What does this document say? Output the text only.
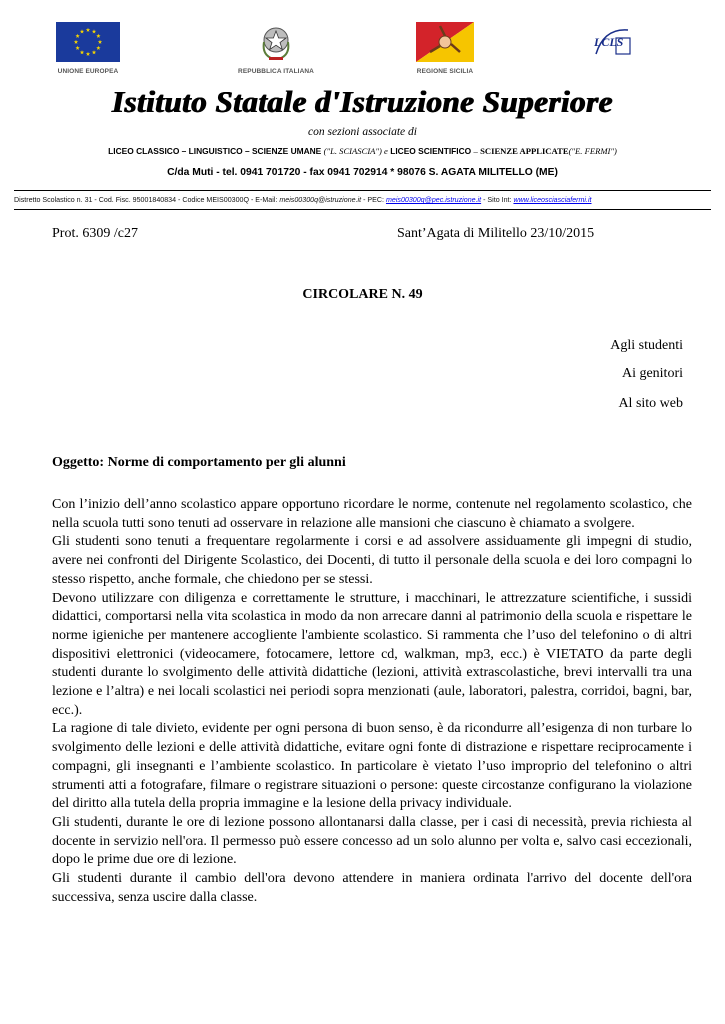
UNIONE EUROPEA	REPUBBLICA ITALIANA	REGIONE SICILIA
LCLS
Istituto Statale d'Istruzione Superiore
con sezioni associate di
LICEO CLASSICO – LINGUISTICO – SCIENZE UMANE ("L. SCIASCIA") e LICEO SCIENTIFICO – SCIENZE APPLICATE("E. FERMI")
C/da Muti - tel. 0941 701720 - fax 0941 702914 * 98076 S. AGATA MILITELLO (ME)
Distretto Scolastico n. 31 - Cod. Fisc. 95001840834 - Codice MEIS00300Q - E-Mail: meis00300q@istruzione.it - PEC: meis00300q@pec.istruzione.it - Sito Int: www.liceosciasciafermi.it
Prot. 6309 /c27	Sant’Agata di Militello 23/10/2015
CIRCOLARE N. 49
Agli studenti
Ai genitori
Al sito web
Oggetto: Norme di comportamento per gli alunni

Con l’inizio dell’anno scolastico appare opportuno ricordare le norme, contenute nel regolamento scolastico, che nella scuola tutti sono tenuti ad osservare in relazione alle mansioni che ciascuno è chiamato a svolgere.

Gli studenti sono tenuti a frequentare regolarmente i corsi e ad assolvere assiduamente gli impegni di studio, avere nei confronti del Dirigente Scolastico, dei Docenti, di tutto il personale della scuola e dei loro compagni lo stesso rispetto, anche formale, che chiedono per se stessi.

Devono utilizzare con diligenza e correttamente le strutture, i macchinari, le attrezzature scientifiche, i sussidi didattici, comportarsi nella vita scolastica in modo da non arrecare danni al patrimonio della scuola e rispettare le norme igieniche per mantenere accogliente l'ambiente scolastico. Si rammenta che l’uso del telefonino o di altri dispositivi elettronici (videocamere, fotocamere, lettore cd, walkman, mp3, ecc.) è VIETATO da parte degli studenti durante lo svolgimento delle attività didattiche (lezioni, attività extrascolastiche, brevi intervalli tra una lezione e l’altra) e nei locali scolastici nei periodi sopra menzionati (aule, laboratori, palestra, corridoi, bagni, bar, ecc.).

La ragione di tale divieto, evidente per ogni persona di buon senso, è da ricondurre all’esigenza di non turbare lo svolgimento delle lezioni e delle attività didattiche, evitare ogni fonte di distrazione e rispettare reciprocamente i compagni, gli insegnanti e l’ambiente scolastico. In particolare è vietato l’uso improprio del telefonino o altri strumenti atti a fotografare, filmare o registrare situazioni o persone: queste circostanze configurano la violazione del diritto alla tutela della propria immagine e la lesione della privacy individuale.

Gli studenti, durante le ore di lezione possono allontanarsi dalla classe, per i casi di necessità, previa richiesta al docente in servizio nell'ora. Il permesso può essere concesso ad un solo alunno per volta e, salvo casi eccezionali, dopo le prime due ore di lezione.

Gli studenti durante il cambio dell'ora devono attendere in maniera ordinata l'arrivo del docente dell'ora successiva, senza uscire dalla classe.
